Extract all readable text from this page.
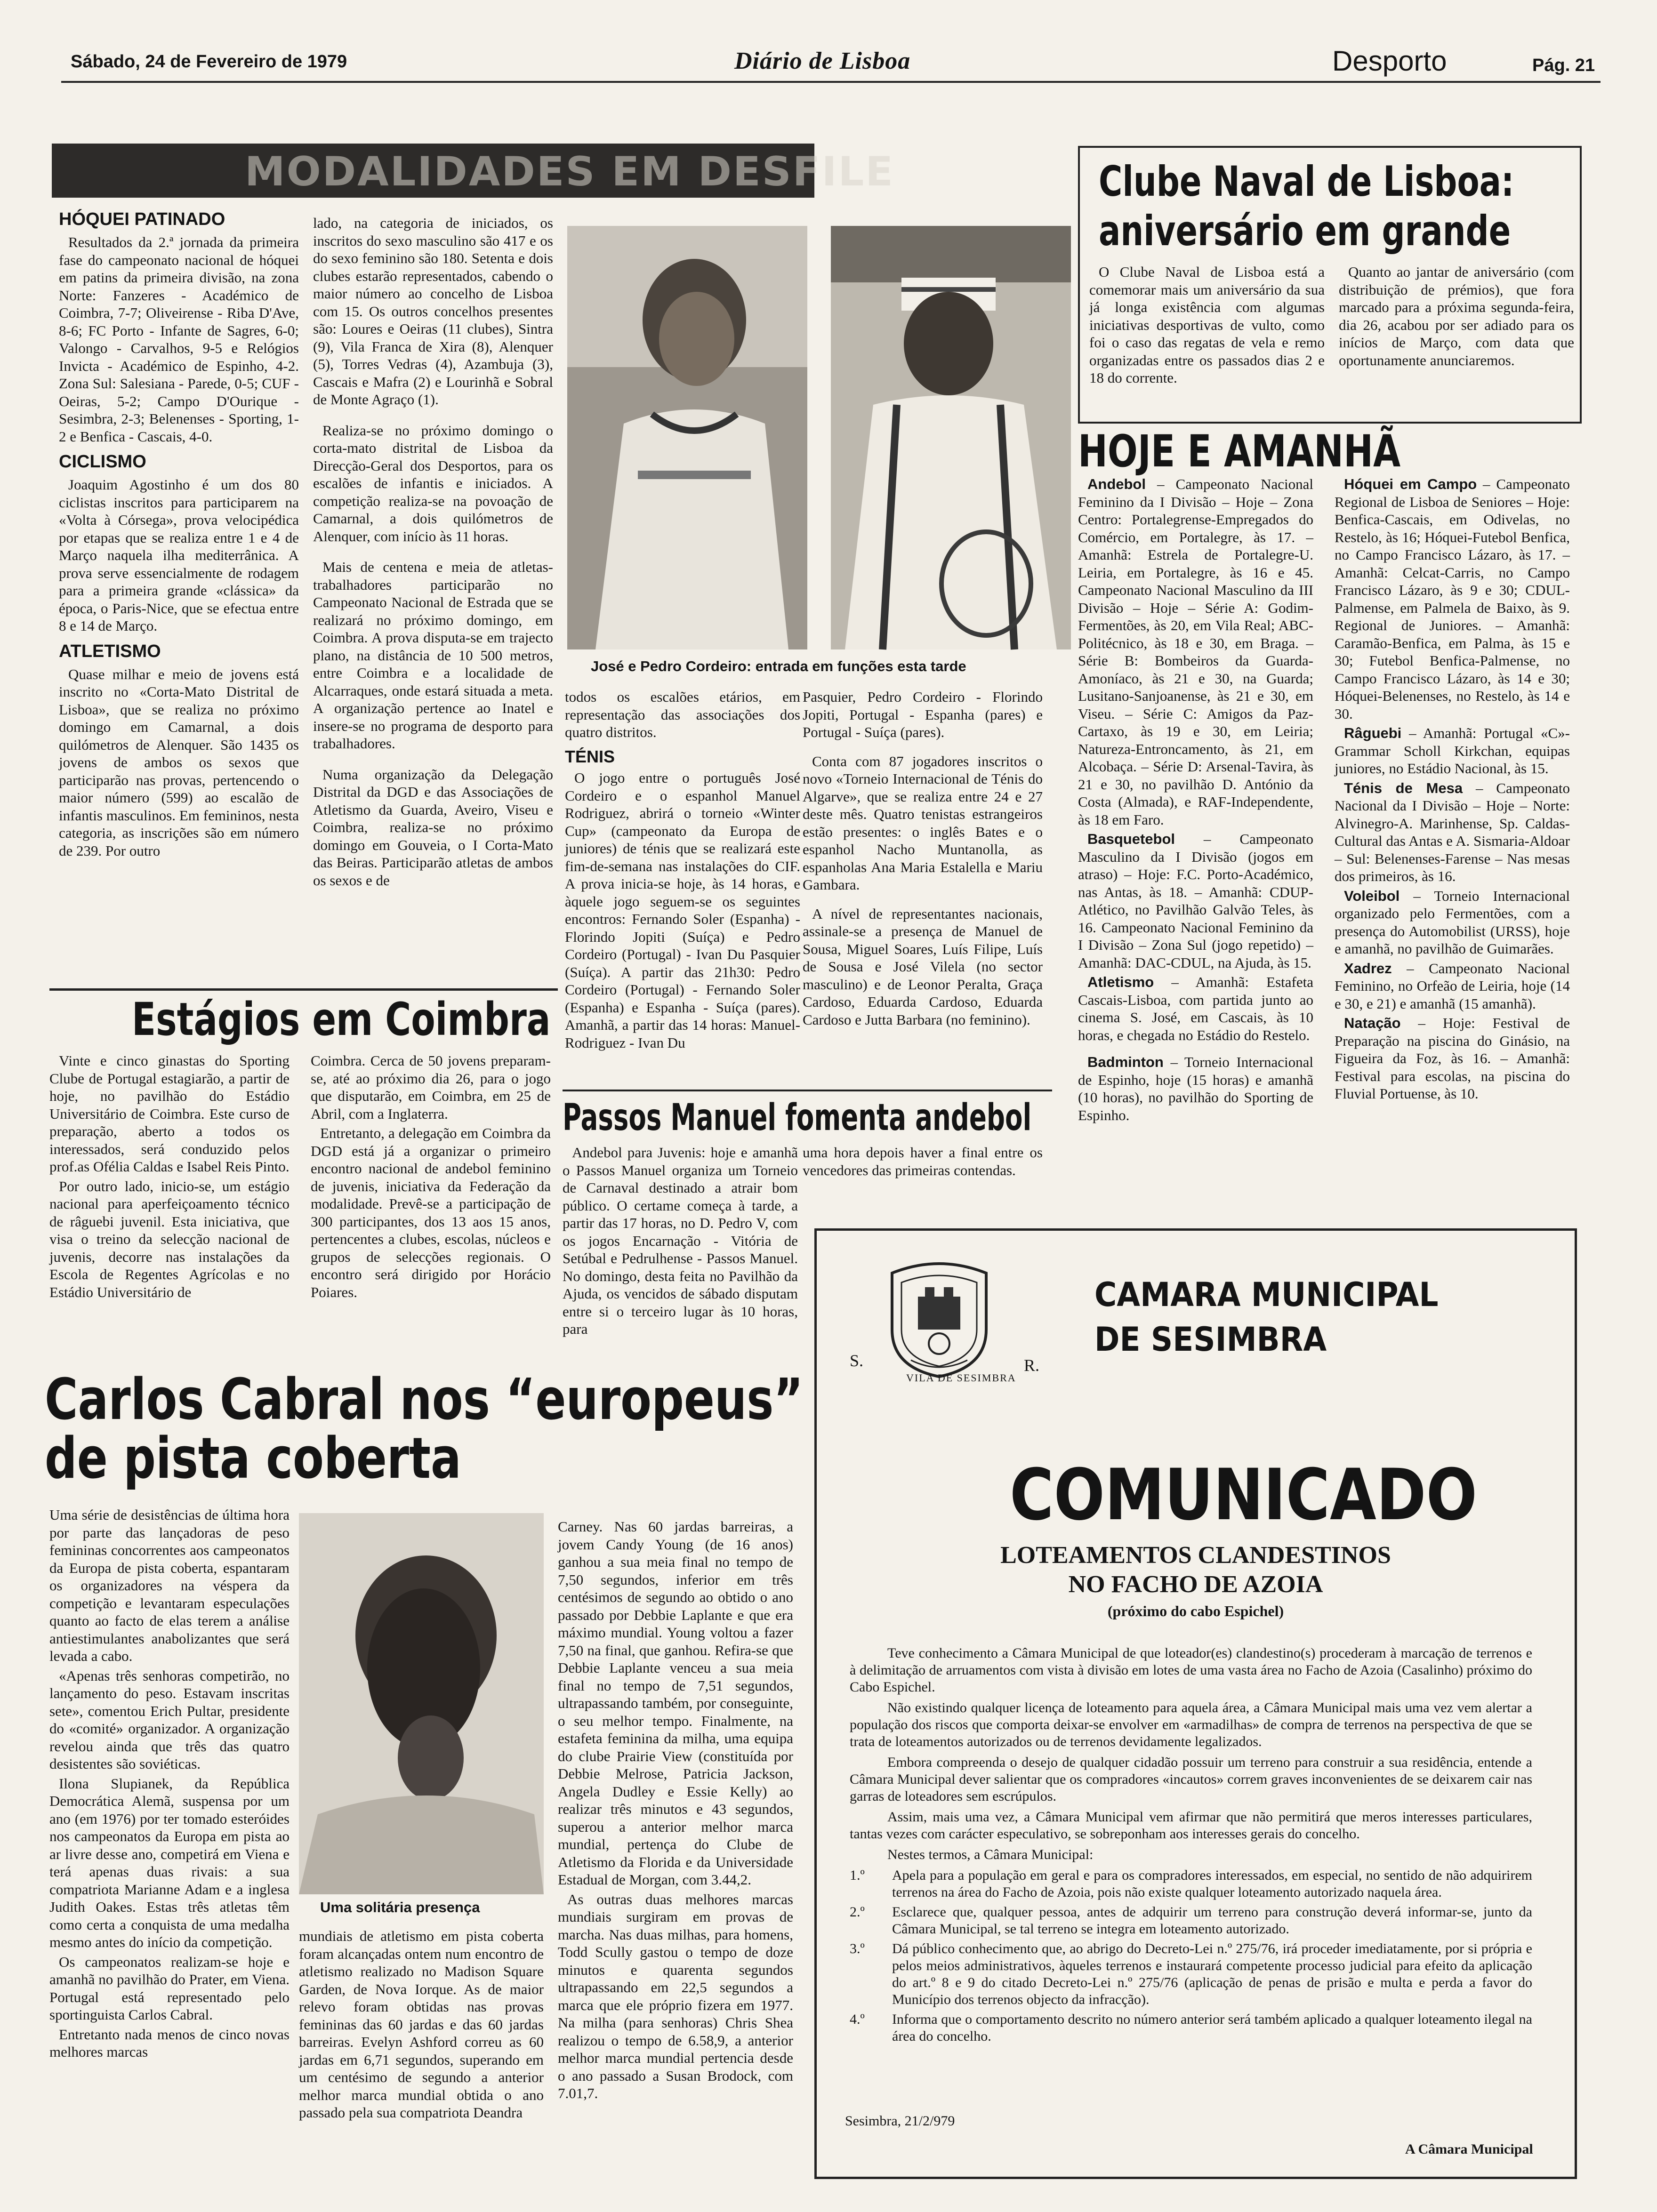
Sábado, 24 de Fevereiro de 1979	Diário de Lisboa	Desporto	Pág. 21
MODALIDADES EM DESFILE
HÓQUEI PATINADO

Resultados da 2.ª jornada da primeira fase do campeonato nacional de hóquei em patins da primeira divisão, na zona Norte: Fanzeres - Académico de Coimbra, 7-7; Oliveirense - Riba D'Ave, 8-6; FC Porto - Infante de Sagres, 6-0; Valongo - Carvalhos, 9-5 e Relógios Invicta - Académico de Espinho, 4-2. Zona Sul: Salesiana - Parede, 0-5; CUF - Oeiras, 5-2; Campo D'Ourique - Sesimbra, 2-3; Belenenses - Sporting, 1-2 e Benfica - Cascais, 4-0.

CICLISMO

Joaquim Agostinho é um dos 80 ciclistas inscritos para participarem na «Volta à Córsega», prova velocipédica por etapas que se realiza entre 1 e 4 de Março naquela ilha mediterrânica. A prova serve essencialmente de rodagem para a primeira grande «clássica» da época, o Paris-Nice, que se efectua entre 8 e 14 de Março.

ATLETISMO

Quase milhar e meio de jovens está inscrito no «Corta-Mato Distrital de Lisboa», que se realiza no próximo domingo em Camarnal, a dois quilómetros de Alenquer. São 1435 os jovens de ambos os sexos que participarão nas provas, pertencendo o maior número (599) ao escalão de infantis masculinos. Em femininos, nesta categoria, as inscrições são em número de 239. Por outro

lado, na categoria de iniciados, os inscritos do sexo masculino são 417 e os do sexo feminino são 180. Setenta e dois clubes estarão representados, cabendo o maior número ao concelho de Lisboa com 15. Os outros concelhos presentes são: Loures e Oeiras (11 clubes), Sintra (9), Vila Franca de Xira (8), Alenquer (5), Torres Vedras (4), Azambuja (3), Cascais e Mafra (2) e Lourinhã e Sobral de Monte Agraço (1).

Realiza-se no próximo domingo o corta-mato distrital de Lisboa da Direcção-Geral dos Desportos, para os escalões de infantis e iniciados. A competição realiza-se na povoação de Camarnal, a dois quilómetros de Alenquer, com início às 11 horas.

Mais de centena e meia de atletas-trabalhadores participarão no Campeonato Nacional de Estrada que se realizará no próximo domingo, em Coimbra. A prova disputa-se em trajecto plano, na distância de 10 500 metros, entre Coimbra e a localidade de Alcarraques, onde estará situada a meta. A organização pertence ao Inatel e insere-se no programa de desporto para trabalhadores.

Numa organização da Delegação Distrital da DGD e das Associações de Atletismo da Guarda, Aveiro, Viseu e Coimbra, realiza-se no próximo domingo em Gouveia, o I Corta-Mato das Beiras. Participarão atletas de ambos os sexos e de

José e Pedro Cordeiro: entrada em funções esta tarde

todos os escalões etários, em representação das associações dos quatro distritos.

TÉNIS

O jogo entre o português José Cordeiro e o espanhol Manuel Rodriguez, abrirá o torneio «Winter Cup» (campeonato da Europa de juniores) de ténis que se realizará este fim-de-semana nas instalações do CIF. A prova inicia-se hoje, às 14 horas, e àquele jogo seguem-se os seguintes encontros: Fernando Soler (Espanha) - Florindo Jopiti (Suíça) e Pedro Cordeiro (Portugal) - Ivan Du Pasquier (Suíça). A partir das 21h30: Pedro Cordeiro (Portugal) - Fernando Soler (Espanha) e Espanha - Suíça (pares). Amanhã, a partir das 14 horas: Manuel-Rodriguez - Ivan Du

Pasquier, Pedro Cordeiro - Florindo Jopiti, Portugal - Espanha (pares) e Portugal - Suíça (pares).

Conta com 87 jogadores inscritos o novo «Torneio Internacional de Ténis do Algarve», que se realiza entre 24 e 27 deste mês. Quatro tenistas estrangeiros estão presentes: o inglês Bates e o espanhol Nacho Muntanolla, as espanholas Ana Maria Estalella e Mariu Gambara.

A nível de representantes nacionais, assinale-se a presença de Manuel de Sousa, Miguel Soares, Luís Filipe, Luís de Sousa e José Vilela (no sector masculino) e de Leonor Peralta, Graça Cardoso, Eduarda Cardoso, Eduarda Cardoso e Jutta Barbara (no feminino).

Clube Naval de Lisboa:
aniversário em grande

O Clube Naval de Lisboa está a comemorar mais um aniversário da sua já longa existência com algumas iniciativas desportivas de vulto, como foi o caso das regatas de vela e remo organizadas entre os passados dias 2 e 18 do corrente.

Quanto ao jantar de aniversário (com distribuição de prémios), que fora marcado para a próxima segunda-feira, dia 26, acabou por ser adiado para os inícios de Março, com data que oportunamente anunciaremos.

HOJE E AMANHÃ

Andebol – Campeonato Nacional Feminino da I Divisão – Hoje – Zona Centro: Portalegrense-Empregados do Comércio, em Portalegre, às 17. – Amanhã: Estrela de Portalegre-U. Leiria, em Portalegre, às 16 e 45. Campeonato Nacional Masculino da III Divisão – Hoje – Série A: Godim-Fermentões, às 20, em Vila Real; ABC-Politécnico, às 18 e 30, em Braga. – Série B: Bombeiros da Guarda-Amoníaco, às 21 e 30, na Guarda; Lusitano-Sanjoanense, às 21 e 30, em Viseu. – Série C: Amigos da Paz-Cartaxo, às 19 e 30, em Leiria; Natureza-Entroncamento, às 21, em Alcobaça. – Série D: Arsenal-Tavira, às 21 e 30, no pavilhão D. António da Costa (Almada), e RAF-Independente, às 18 em Faro.

Basquetebol – Campeonato Masculino da I Divisão (jogos em atraso) – Hoje: F.C. Porto-Académico, nas Antas, às 18. – Amanhã: CDUP-Atlético, no Pavilhão Galvão Teles, às 16. Campeonato Nacional Feminino da I Divisão – Zona Sul (jogo repetido) – Amanhã: DAC-CDUL, na Ajuda, às 15.

Atletismo – Amanhã: Estafeta Cascais-Lisboa, com partida junto ao cinema S. José, em Cascais, às 10 horas, e chegada no Estádio do Restelo.

Badminton – Torneio Internacional de Espinho, hoje (15 horas) e amanhã (10 horas), no pavilhão do Sporting de Espinho.

Hóquei em Campo – Campeonato Regional de Lisboa de Seniores – Hoje: Benfica-Cascais, em Odivelas, no Restelo, às 16; Hóquei-Futebol Benfica, no Campo Francisco Lázaro, às 17. – Amanhã: Celcat-Carris, no Campo Francisco Lázaro, às 9 e 30; CDUL-Palmense, em Palmela de Baixo, às 9. Regional de Juniores. – Amanhã: Caramão-Benfica, em Palma, às 15 e 30; Futebol Benfica-Palmense, no Campo Francisco Lázaro, às 14 e 30; Hóquei-Belenenses, no Restelo, às 14 e 30.

Râguebi – Amanhã: Portugal «C»-Grammar Scholl Kirkchan, equipas juniores, no Estádio Nacional, às 15.

Ténis de Mesa – Campeonato Nacional da I Divisão – Hoje – Norte: Alvinegro-A. Marinhense, Sp. Caldas-Cultural das Antas e A. Sismaria-Aldoar – Sul: Belenenses-Farense – Nas mesas dos primeiros, às 16.

Voleibol – Torneio Internacional organizado pelo Fermentões, com a presença do Automobilist (URSS), hoje e amanhã, no pavilhão de Guimarães.

Xadrez – Campeonato Nacional Feminino, no Orfeão de Leiria, hoje (14 e 30, e 21) e amanhã (15 amanhã).

Natação – Hoje: Festival de Preparação na piscina do Ginásio, na Figueira da Foz, às 16. – Amanhã: Festival para escolas, na piscina do Fluvial Portuense, às 10.

Estágios em Coimbra

Vinte e cinco ginastas do Sporting Clube de Portugal estagiarão, a partir de hoje, no pavilhão do Estádio Universitário de Coimbra. Este curso de preparação, aberto a todos os interessados, será conduzido pelos prof.as Ofélia Caldas e Isabel Reis Pinto.

Por outro lado, inicio-se, um estágio nacional para aperfeiçoamento técnico de râguebi juvenil. Esta iniciativa, que visa o treino da selecção nacional de juvenis, decorre nas instalações da Escola de Regentes Agrícolas e no Estádio Universitário de

Coimbra. Cerca de 50 jovens preparam-se, até ao próximo dia 26, para o jogo que disputarão, em Coimbra, em 25 de Abril, com a Inglaterra.

Entretanto, a delegação em Coimbra da DGD está já a organizar o primeiro encontro nacional de andebol feminino de juvenis, iniciativa da Federação da modalidade. Prevê-se a participação de 300 participantes, dos 13 aos 15 anos, pertencentes a clubes, escolas, núcleos e grupos de selecções regionais. O encontro será dirigido por Horácio Poiares.

Passos Manuel fomenta andebol

Andebol para Juvenis: hoje e amanhã o Passos Manuel organiza um Torneio de Carnaval destinado a atrair bom público. O certame começa à tarde, a partir das 17 horas, no D. Pedro V, com os jogos Encarnação - Vitória de Setúbal e Pedrulhense - Passos Manuel. No domingo, desta feita no Pavilhão da Ajuda, os vencidos de sábado disputam entre si o terceiro lugar às 10 horas, para

uma hora depois haver a final entre os vencedores das primeiras contendas.

Carlos Cabral nos “europeus”
de pista coberta

Uma série de desistências de última hora por parte das lançadoras de peso femininas concorrentes aos campeonatos da Europa de pista coberta, espantaram os organizadores na véspera da competição e levantaram especulações quanto ao facto de elas terem a análise antiestimulantes anabolizantes que será levada a cabo.

«Apenas três senhoras competirão, no lançamento do peso. Estavam inscritas sete», comentou Erich Pultar, presidente do «comité» organizador. A organização revelou ainda que três das quatro desistentes são soviéticas.

Ilona Slupianek, da República Democrática Alemã, suspensa por um ano (em 1976) por ter tomado esteróides nos campeonatos da Europa em pista ao ar livre desse ano, competirá em Viena e terá apenas duas rivais: a sua compatriota Marianne Adam e a inglesa Judith Oakes. Estas três atletas têm como certa a conquista de uma medalha mesmo antes do início da competição.

Os campeonatos realizam-se hoje e amanhã no pavilhão do Prater, em Viena. Portugal está representado pelo sportinguista Carlos Cabral.

Entretanto nada menos de cinco novas melhores marcas

Uma solitária presença

mundiais de atletismo em pista coberta foram alcançadas ontem num encontro de atletismo realizado no Madison Square Garden, de Nova Iorque. As de maior relevo foram obtidas nas provas femininas das 60 jardas e das 60 jardas barreiras. Evelyn Ashford correu as 60 jardas em 6,71 segundos, superando em um centésimo de segundo a anterior melhor marca mundial obtida o ano passado pela sua compatriota Deandra

Carney. Nas 60 jardas barreiras, a jovem Candy Young (de 16 anos) ganhou a sua meia final no tempo de 7,50 segundos, inferior em três centésimos de segundo ao obtido o ano passado por Debbie Laplante e que era máximo mundial. Young voltou a fazer 7,50 na final, que ganhou. Refira-se que Debbie Laplante venceu a sua meia final no tempo de 7,51 segundos, ultrapassando também, por conseguinte, o seu melhor tempo. Finalmente, na estafeta feminina da milha, uma equipa do clube Prairie View (constituída por Debbie Melrose, Patricia Jackson, Angela Dudley e Essie Kelly) ao realizar três minutos e 43 segundos, superou a anterior melhor marca mundial, pertença do Clube de Atletismo da Florida e da Universidade Estadual de Morgan, com 3.44,2.

As outras duas melhores marcas mundiais surgiram em provas de marcha. Nas duas milhas, para homens, Todd Scully gastou o tempo de doze minutos e quarenta segundos ultrapassando em 22,5 segundos a marca que ele próprio fizera em 1977. Na milha (para senhoras) Chris Shea realizou o tempo de 6.58,9, a anterior melhor marca mundial pertencia desde o ano passado a Susan Brodock, com 7.01,7.

VILA DE SESIMBRA
S.	R.
CAMARA MUNICIPAL
DE SESIMBRA
COMUNICADO
LOTEAMENTOS CLANDESTINOS
NO FACHO DE AZOIA
(próximo do cabo Espichel)

Teve conhecimento a Câmara Municipal de que loteador(es) clandestino(s) procederam à marcação de terrenos e à delimitação de arruamentos com vista à divisão em lotes de uma vasta área no Facho de Azoia (Casalinho) próximo do Cabo Espichel.

Não existindo qualquer licença de loteamento para aquela área, a Câmara Municipal mais uma vez vem alertar a população dos riscos que comporta deixar-se envolver em «armadilhas» de compra de terrenos na perspectiva de que se trata de loteamentos autorizados ou de terrenos devidamente legalizados.

Embora compreenda o desejo de qualquer cidadão possuir um terreno para construir a sua residência, entende a Câmara Municipal dever salientar que os compradores «incautos» correm graves inconvenientes de se deixarem cair nas garras de loteadores sem escrúpulos.

Assim, mais uma vez, a Câmara Municipal vem afirmar que não permitirá que meros interesses particulares, tantas vezes com carácter especulativo, se sobreponham aos interesses gerais do concelho.

Nestes termos, a Câmara Municipal:

1.º	Apela para a população em geral e para os compradores interessados, em especial, no sentido de não adquirirem terrenos na área do Facho de Azoia, pois não existe qualquer loteamento autorizado naquela área.
2.º	Esclarece que, qualquer pessoa, antes de adquirir um terreno para construção deverá informar-se, junto da Câmara Municipal, se tal terreno se integra em loteamento autorizado.
3.º	Dá público conhecimento que, ao abrigo do Decreto-Lei n.º 275/76, irá proceder imediatamente, por si própria e pelos meios administrativos, àqueles terrenos e instaurará competente processo judicial para efeito da aplicação do art.º 8 e 9 do citado Decreto-Lei n.º 275/76 (aplicação de penas de prisão e multa e perda a favor do Município dos terrenos objecto da infracção).
4.º	Informa que o comportamento descrito no número anterior será também aplicado a qualquer loteamento ilegal na área do concelho.
Sesimbra, 21/2/979
A Câmara Municipal
